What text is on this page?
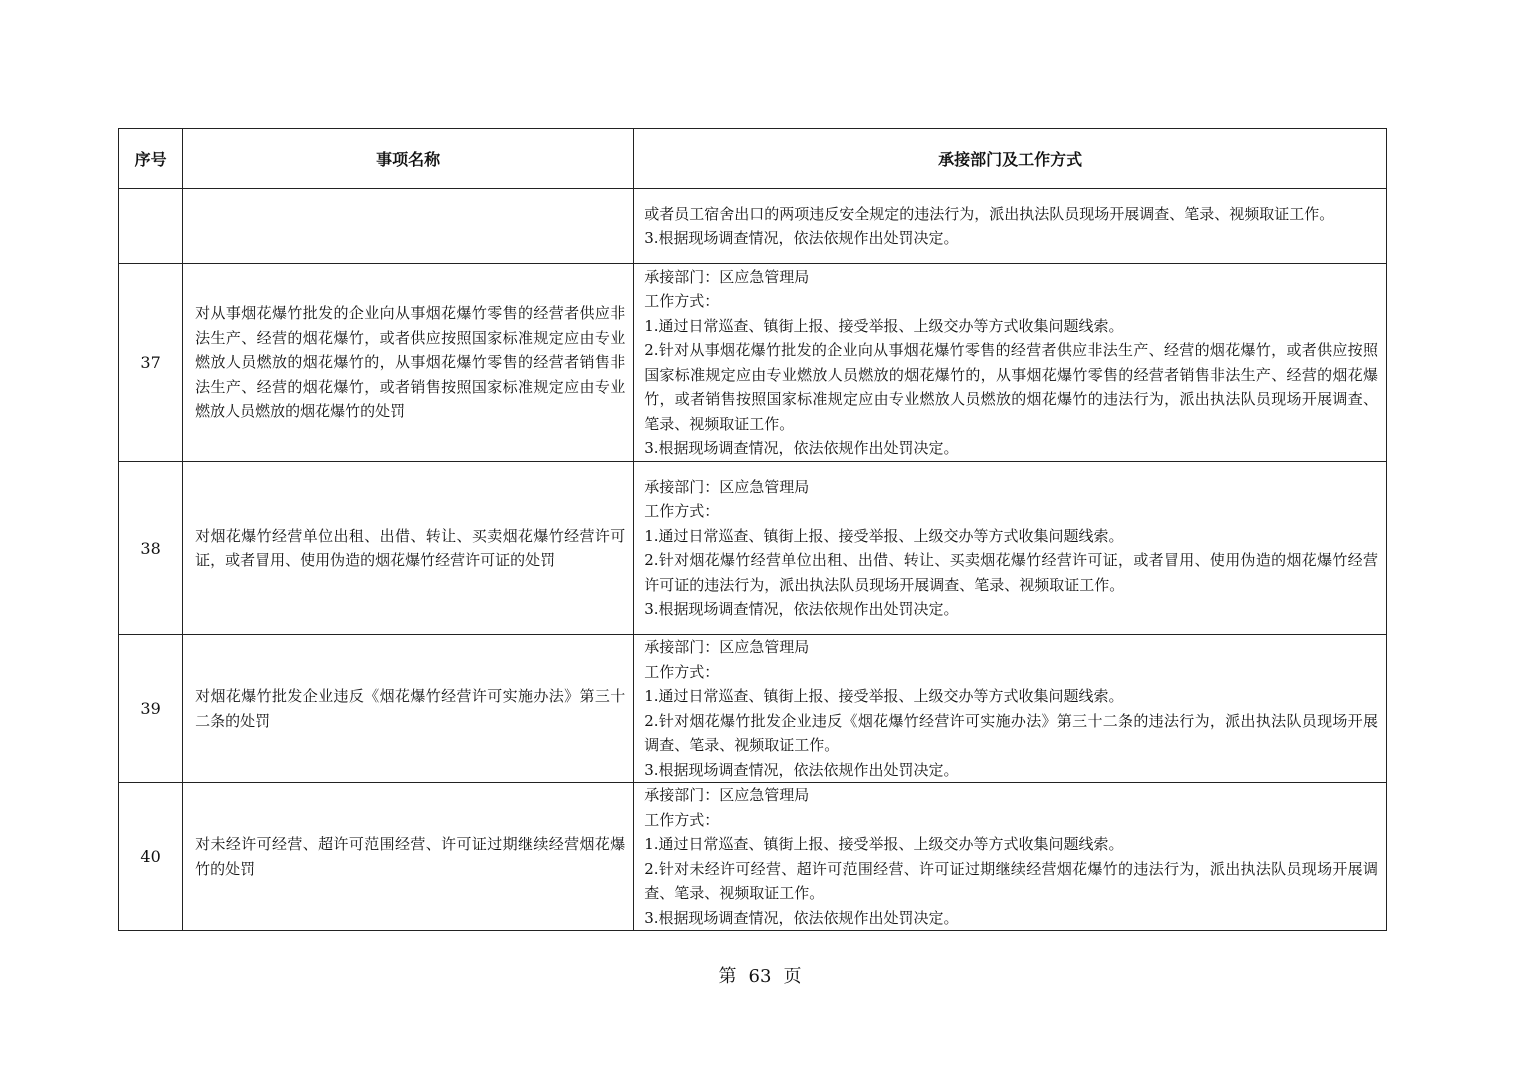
序号	事项名称	承接部门及工作方式

		或者员工宿舍出口的两项违反安全规定的违法行为，派出执法队员现场开展调查、笔录、视频取证工作。
3.根据现场调查情况，依法依规作出处罚决定。

37	对从事烟花爆竹批发的企业向从事烟花爆竹零售的经营者供应非法生产、经营的烟花爆竹，或者供应按照国家标准规定应由专业燃放人员燃放的烟花爆竹的，从事烟花爆竹零售的经营者销售非法生产、经营的烟花爆竹，或者销售按照国家标准规定应由专业燃放人员燃放的烟花爆竹的处罚	承接部门：区应急管理局
工作方式：
1.通过日常巡查、镇街上报、接受举报、上级交办等方式收集问题线索。
2.针对从事烟花爆竹批发的企业向从事烟花爆竹零售的经营者供应非法生产、经营的烟花爆竹，或者供应按照国家标准规定应由专业燃放人员燃放的烟花爆竹的，从事烟花爆竹零售的经营者销售非法生产、经营的烟花爆竹，或者销售按照国家标准规定应由专业燃放人员燃放的烟花爆竹的违法行为，派出执法队员现场开展调查、笔录、视频取证工作。
3.根据现场调查情况，依法依规作出处罚决定。

38	对烟花爆竹经营单位出租、出借、转让、买卖烟花爆竹经营许可证，或者冒用、使用伪造的烟花爆竹经营许可证的处罚	承接部门：区应急管理局
工作方式：
1.通过日常巡查、镇街上报、接受举报、上级交办等方式收集问题线索。
2.针对烟花爆竹经营单位出租、出借、转让、买卖烟花爆竹经营许可证，或者冒用、使用伪造的烟花爆竹经营许可证的违法行为，派出执法队员现场开展调查、笔录、视频取证工作。
3.根据现场调查情况，依法依规作出处罚决定。

39	对烟花爆竹批发企业违反《烟花爆竹经营许可实施办法》第三十二条的处罚	承接部门：区应急管理局
工作方式：
1.通过日常巡查、镇街上报、接受举报、上级交办等方式收集问题线索。
2.针对烟花爆竹批发企业违反《烟花爆竹经营许可实施办法》第三十二条的违法行为，派出执法队员现场开展调查、笔录、视频取证工作。
3.根据现场调查情况，依法依规作出处罚决定。

40	对未经许可经营、超许可范围经营、许可证过期继续经营烟花爆竹的处罚	承接部门：区应急管理局
工作方式：
1.通过日常巡查、镇街上报、接受举报、上级交办等方式收集问题线索。
2.针对未经许可经营、超许可范围经营、许可证过期继续经营烟花爆竹的违法行为，派出执法队员现场开展调查、笔录、视频取证工作。
3.根据现场调查情况，依法依规作出处罚决定。
第 63 页
